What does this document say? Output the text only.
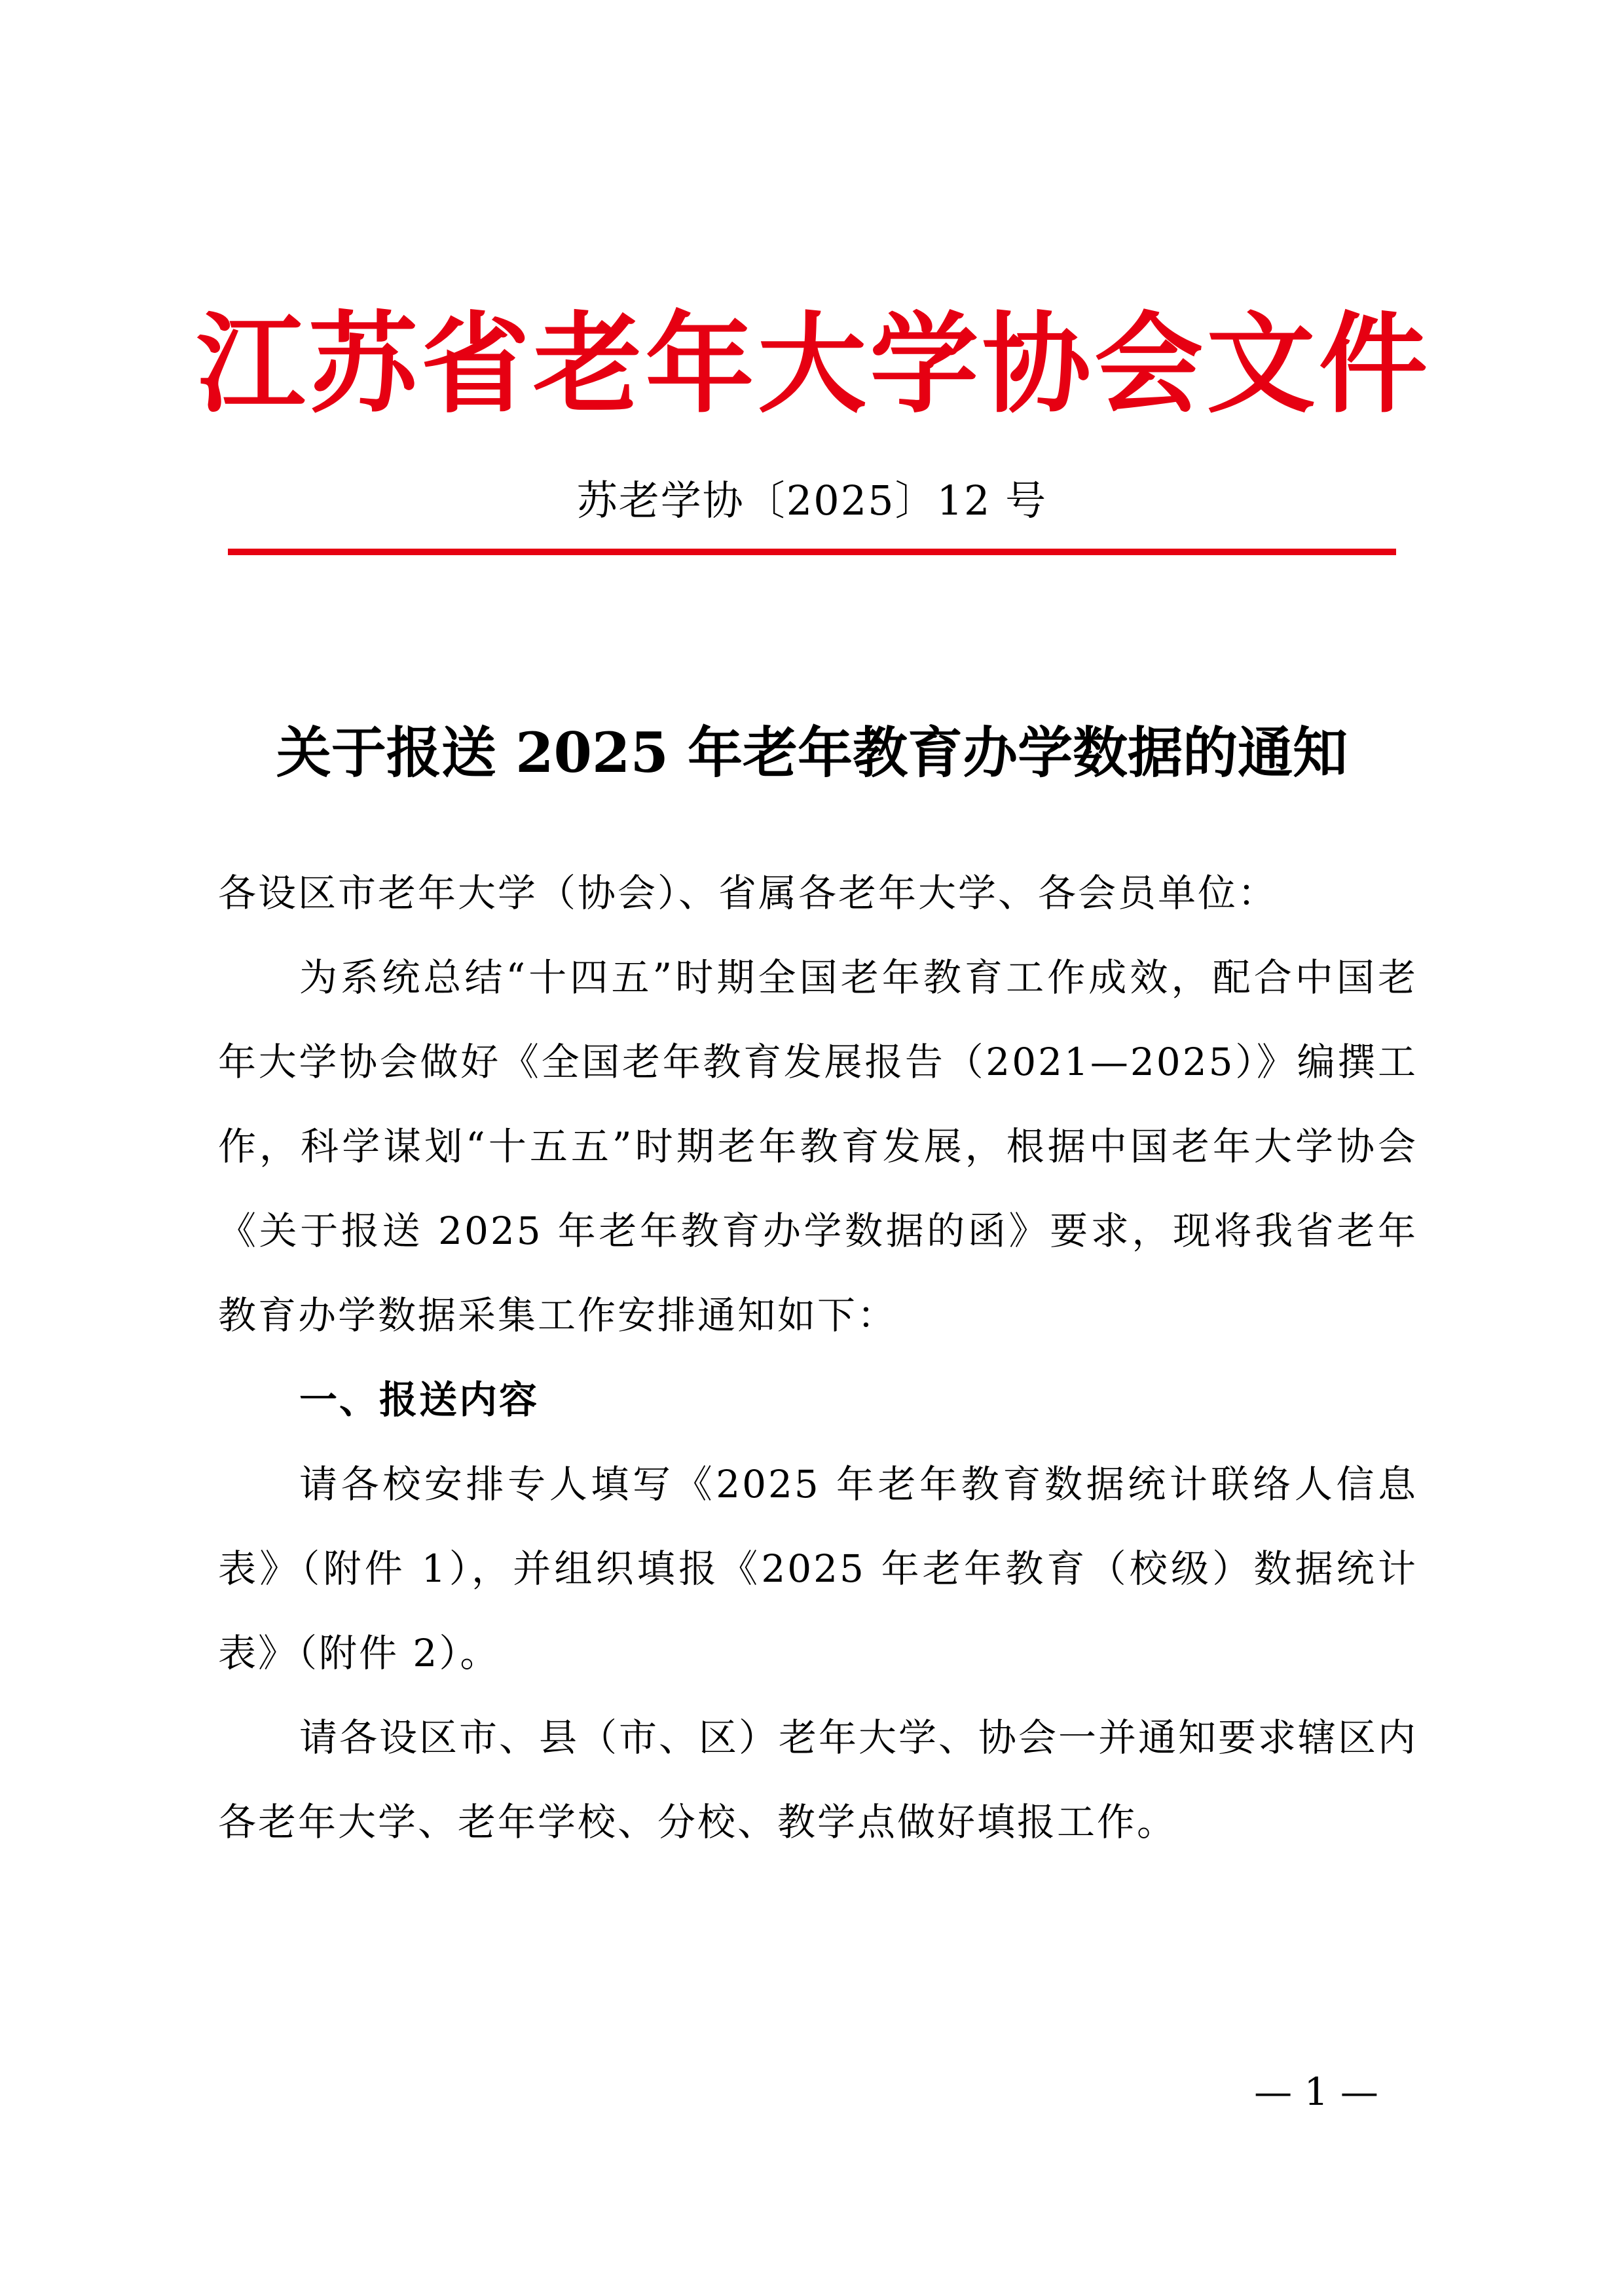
江 苏 省 老 年 大 学 协 会 文 件
苏老学协〔2025〕12 号
关于报送 2025 年老年教育办学数据的通知

各设区市老年大学（协会）、省属各老年大学、各会员单位：

为系统总结“十四五”时期全国老年教育工作成效，配合中国老年大学协会做好《全国老年教育发展报告（2021—2025）》编撰工作，科学谋划“十五五”时期老年教育发展，根据中国老年大学协会《关于报送 2025 年老年教育办学数据的函》要求，现将我省老年教育办学数据采集工作安排通知如下：

一、报送内容

请各校安排专人填写《2025 年老年教育数据统计联络人信息表》（附件 1），并组织填报《2025 年老年教育（校级）数据统计表》（附件 2）。

请各设区市、县（市、区）老年大学、协会一并通知要求辖区内各老年大学、老年学校、分校、教学点做好填报工作。

— 1 —
